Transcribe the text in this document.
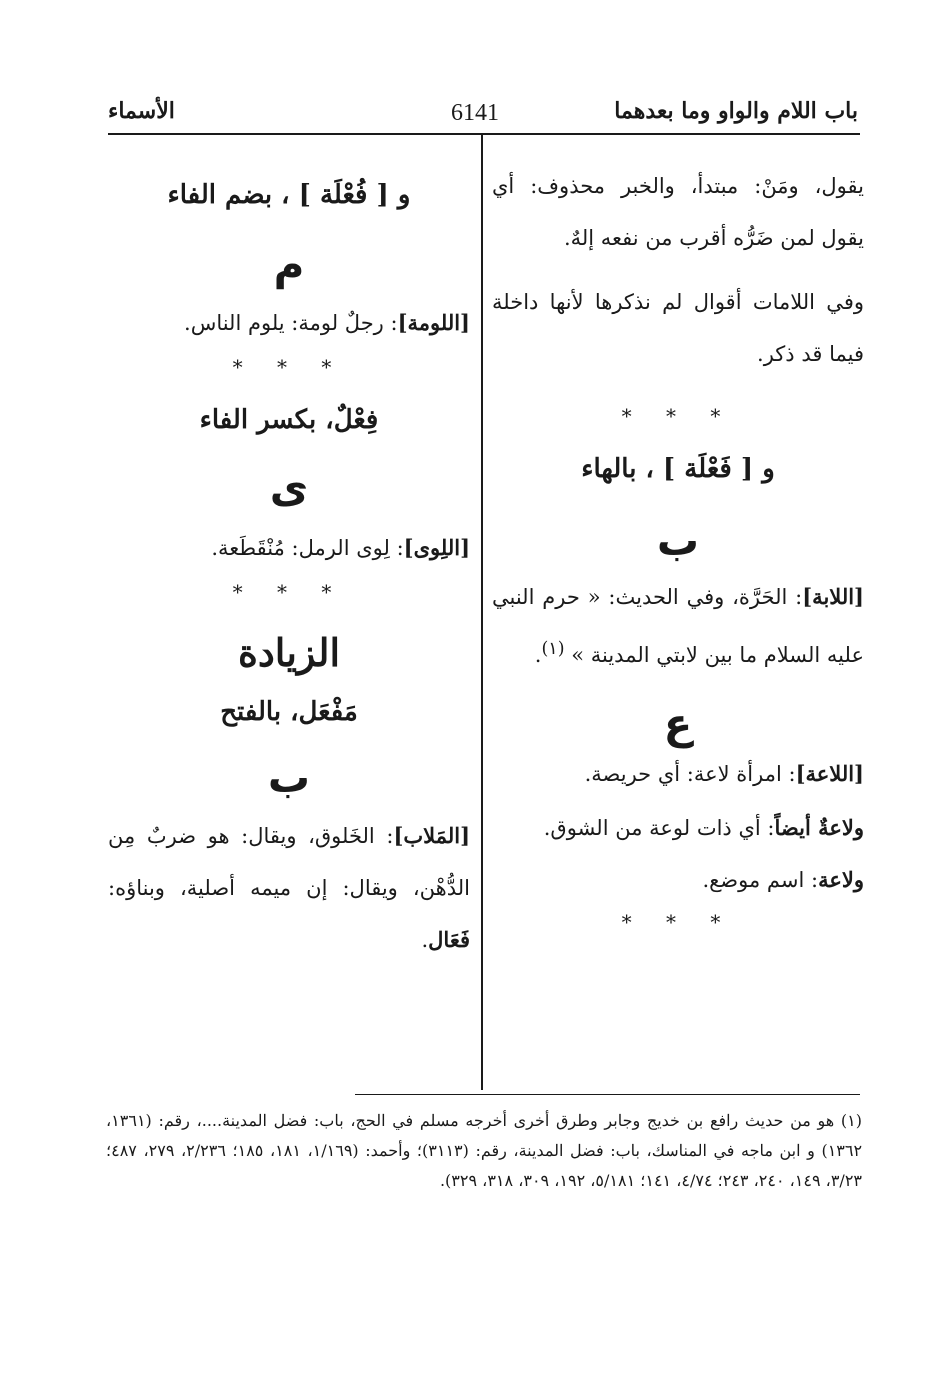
باب اللام والواو وما بعدهما
6141
الأسماء

يقول، ومَنْ: مبتدأ، والخبر محذوف: أي يقول لمن ضَرُّه أقرب من نفعه إلهٌ.

وفي اللامات أقوال لم نذكرها لأنها داخلة فيما قد ذكر.

* * *

و [ فَعْلَة ] ، بالهاء

ب

[اللابة]: الحَرَّة، وفي الحديث: « حرم النبي عليه السلام ما بين لابتي المدينة » $^{(١)}$.

ع

[اللاعة]: امرأة لاعة: أي حريصة.

ولاعةٌ أيضاً: أي ذات لوعة من الشوق.

ولاعة: اسم موضع.

* * *

و [ فُعْلَة ] ، بضم الفاء

م

[اللومة]: رجلٌ لومة: يلوم الناس.

* * *

فِعْلٌ، بكسر الفاء

ى

[اللِوى]: لِوى الرمل: مُنْقَطَعة.

* * *

الزيادة

مَفْعَل، بالفتح

ب

[المَلاب]: الخَلوق، ويقال: هو ضربٌ مِن الدُّهْن، ويقال: إن ميمه أصلية، وبناؤه: فَعَال.

(١) هو من حديث رافع بن خديج وجابر وطرق أخرى أخرجه مسلم في الحج، باب: فضل المدينة....، رقم: (١٣٦١، ١٣٦٢) و ابن ماجه في المناسك، باب: فضل المدينة، رقم: (٣١١٣)؛ وأحمد: (١/١٦٩، ١٨١، ١٨٥؛ ٢/٢٣٦، ٢٧٩، ٤٨٧؛ ٣/٢٣، ١٤٩، ٢٤٠، ٢٤٣؛ ٤/٧٤، ١٤١؛ ٥/١٨١، ١٩٢، ٣٠٩، ٣١٨، ٣٢٩).
